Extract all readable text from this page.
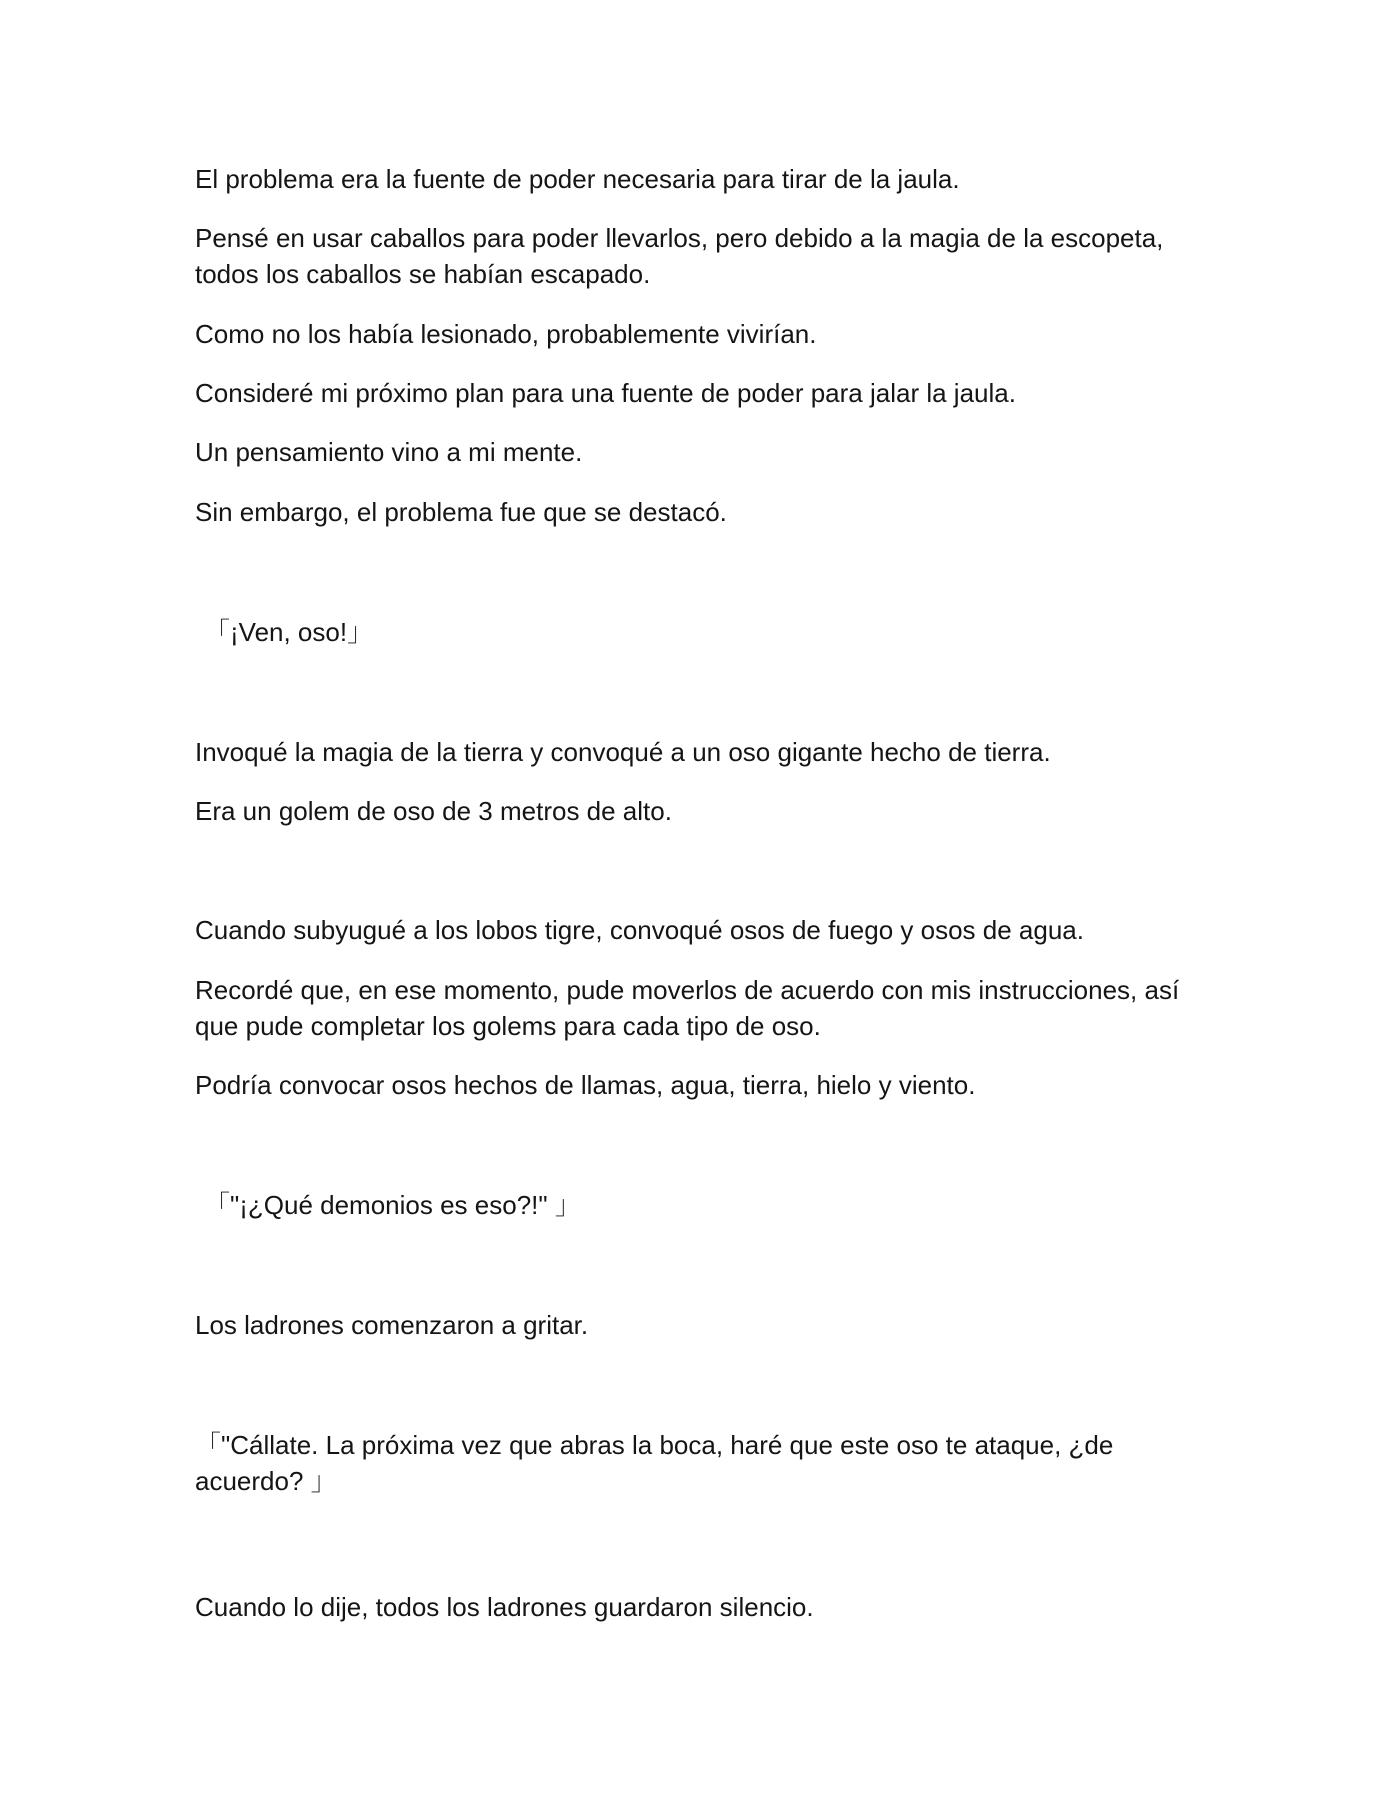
El problema era la fuente de poder necesaria para tirar de la jaula.

Pensé en usar caballos para poder llevarlos, pero debido a la magia de la escopeta, todos los caballos se habían escapado.

Como no los había lesionado, probablemente vivirían.

Consideré mi próximo plan para una fuente de poder para jalar la jaula.

Un pensamiento vino a mi mente.

Sin embargo, el problema fue que se destacó.

「¡Ven, oso!」

Invoqué la magia de la tierra y convoqué a un oso gigante hecho de tierra.

Era un golem de oso de 3 metros de alto.

Cuando subyugué a los lobos tigre, convoqué osos de fuego y osos de agua.

Recordé que, en ese momento, pude moverlos de acuerdo con mis instrucciones, así que pude completar los golems para cada tipo de oso.

Podría convocar osos hechos de llamas, agua, tierra, hielo y viento.

「"¡¿Qué demonios es eso?!" 」

Los ladrones comenzaron a gritar.

「"Cállate. La próxima vez que abras la boca, haré que este oso te ataque, ¿de acuerdo? 」

Cuando lo dije, todos los ladrones guardaron silencio.
